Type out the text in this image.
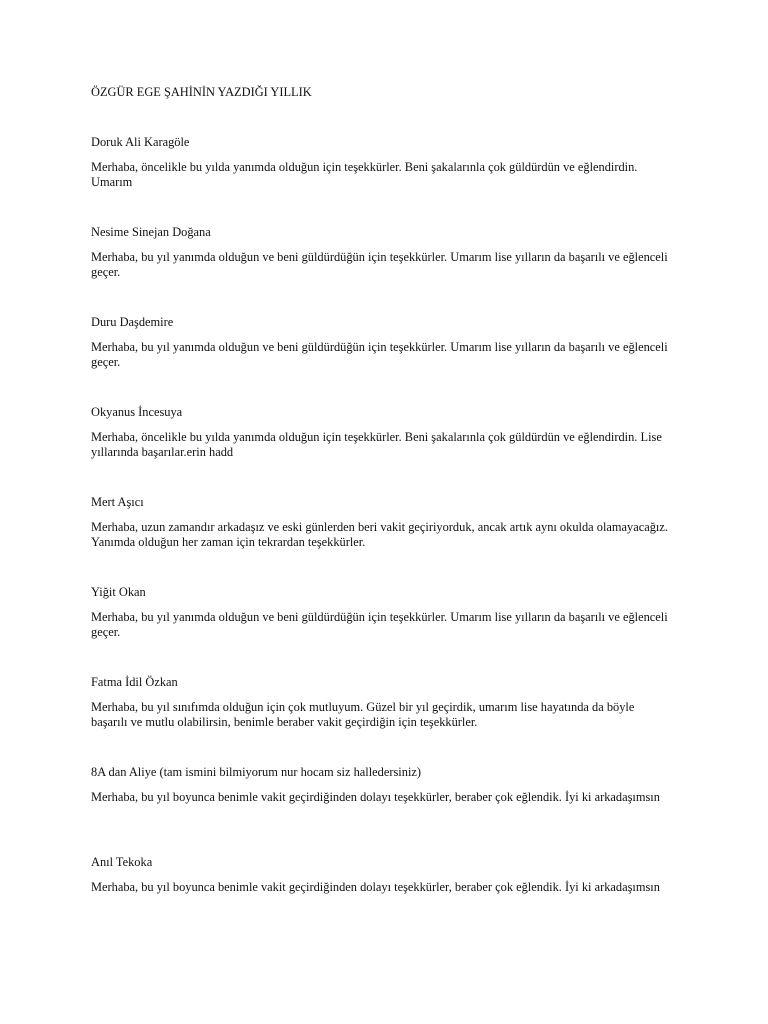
ÖZGÜR EGE ŞAHİNİN YAZDIĞI YILLIK

Doruk Ali Karagöle

Merhaba, öncelikle bu yılda yanımda olduğun için teşekkürler. Beni şakalarınla çok güldürdün ve eğlendirdin. Umarım

Nesime Sinejan Doğana

Merhaba, bu yıl yanımda olduğun ve beni güldürdüğün için teşekkürler. Umarım lise yılların da başarılı ve eğlenceli geçer.

Duru Daşdemire

Merhaba, bu yıl yanımda olduğun ve beni güldürdüğün için teşekkürler. Umarım lise yılların da başarılı ve eğlenceli geçer.

Okyanus İncesuya

Merhaba, öncelikle bu yılda yanımda olduğun için teşekkürler. Beni şakalarınla çok güldürdün ve eğlendirdin. Lise yıllarında başarılar.erin hadd

Mert Aşıcı

Merhaba, uzun zamandır arkadaşız ve eski günlerden beri vakit geçiriyorduk, ancak artık aynı okulda olamayacağız. Yanımda olduğun her zaman için tekrardan teşekkürler.

Yiğit Okan

Merhaba, bu yıl yanımda olduğun ve beni güldürdüğün için teşekkürler. Umarım lise yılların da başarılı ve eğlenceli geçer.

Fatma İdil Özkan

Merhaba, bu yıl sınıfımda olduğun için çok mutluyum. Güzel bir yıl geçirdik, umarım lise hayatında da böyle başarılı ve mutlu olabilirsin, benimle beraber vakit geçirdiğin için teşekkürler.

8A dan Aliye (tam ismini bilmiyorum nur hocam siz halledersiniz)

Merhaba, bu yıl boyunca benimle vakit geçirdiğinden dolayı teşekkürler, beraber çok eğlendik. İyi ki arkadaşımsın

Anıl Tekoka

Merhaba, bu yıl boyunca benimle vakit geçirdiğinden dolayı teşekkürler, beraber çok eğlendik. İyi ki arkadaşımsın
